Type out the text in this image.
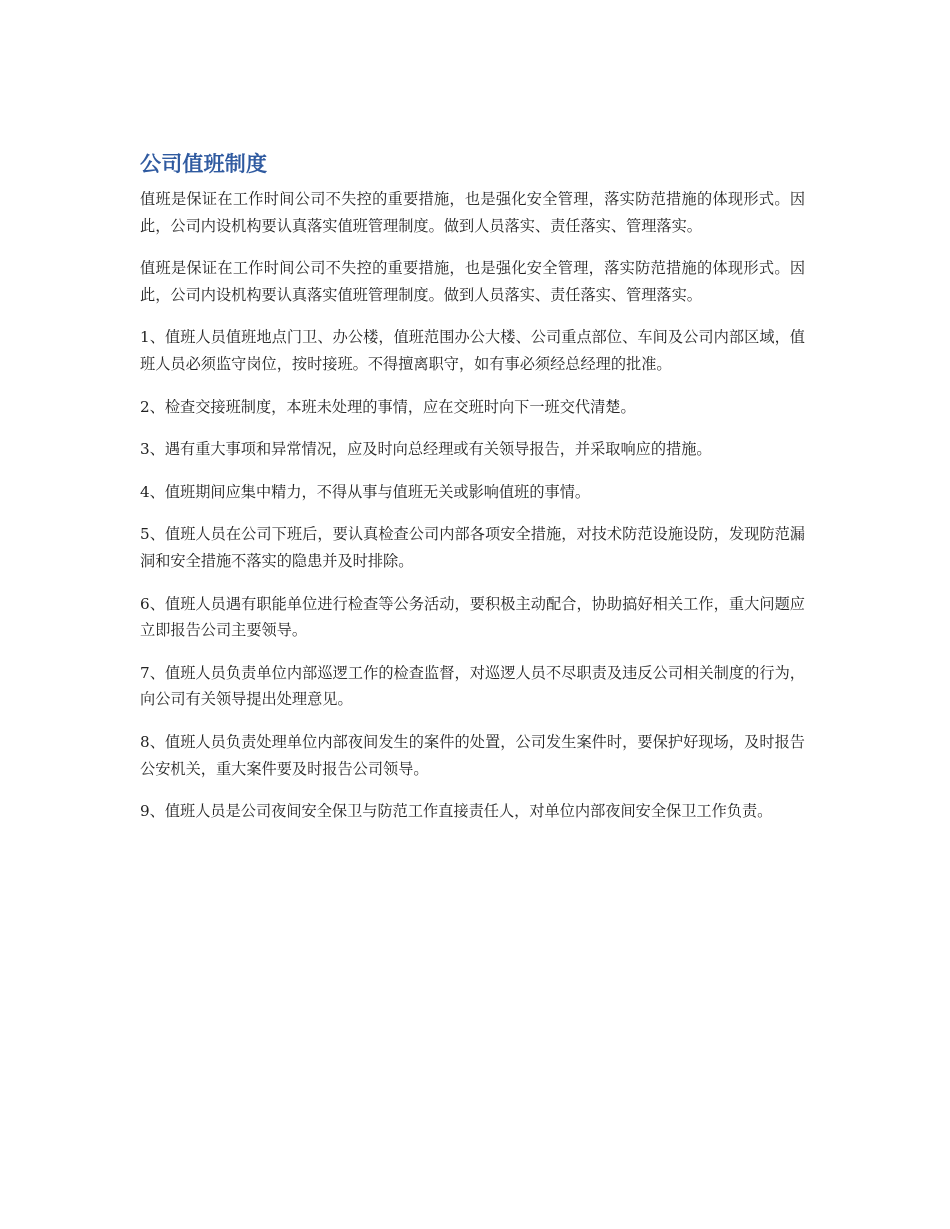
公司值班制度

值班是保证在工作时间公司不失控的重要措施，也是强化安全管理，落实防范措施的体现形式。因此，公司内设机构要认真落实值班管理制度。做到人员落实、责任落实、管理落实。

值班是保证在工作时间公司不失控的重要措施，也是强化安全管理，落实防范措施的体现形式。因此，公司内设机构要认真落实值班管理制度。做到人员落实、责任落实、管理落实。

1、值班人员值班地点门卫、办公楼，值班范围办公大楼、公司重点部位、车间及公司内部区域，值班人员必须监守岗位，按时接班。不得擅离职守，如有事必须经总经理的批准。

2、检查交接班制度，本班未处理的事情，应在交班时向下一班交代清楚。

3、遇有重大事项和异常情况，应及时向总经理或有关领导报告，并采取响应的措施。

4、值班期间应集中精力，不得从事与值班无关或影响值班的事情。

5、值班人员在公司下班后，要认真检查公司内部各项安全措施，对技术防范设施设防，发现防范漏洞和安全措施不落实的隐患并及时排除。

6、值班人员遇有职能单位进行检查等公务活动，要积极主动配合，协助搞好相关工作，重大问题应立即报告公司主要领导。

7、值班人员负责单位内部巡逻工作的检查监督，对巡逻人员不尽职责及违反公司相关制度的行为，向公司有关领导提出处理意见。

8、值班人员负责处理单位内部夜间发生的案件的处置，公司发生案件时，要保护好现场，及时报告公安机关，重大案件要及时报告公司领导。

9、值班人员是公司夜间安全保卫与防范工作直接责任人，对单位内部夜间安全保卫工作负责。
